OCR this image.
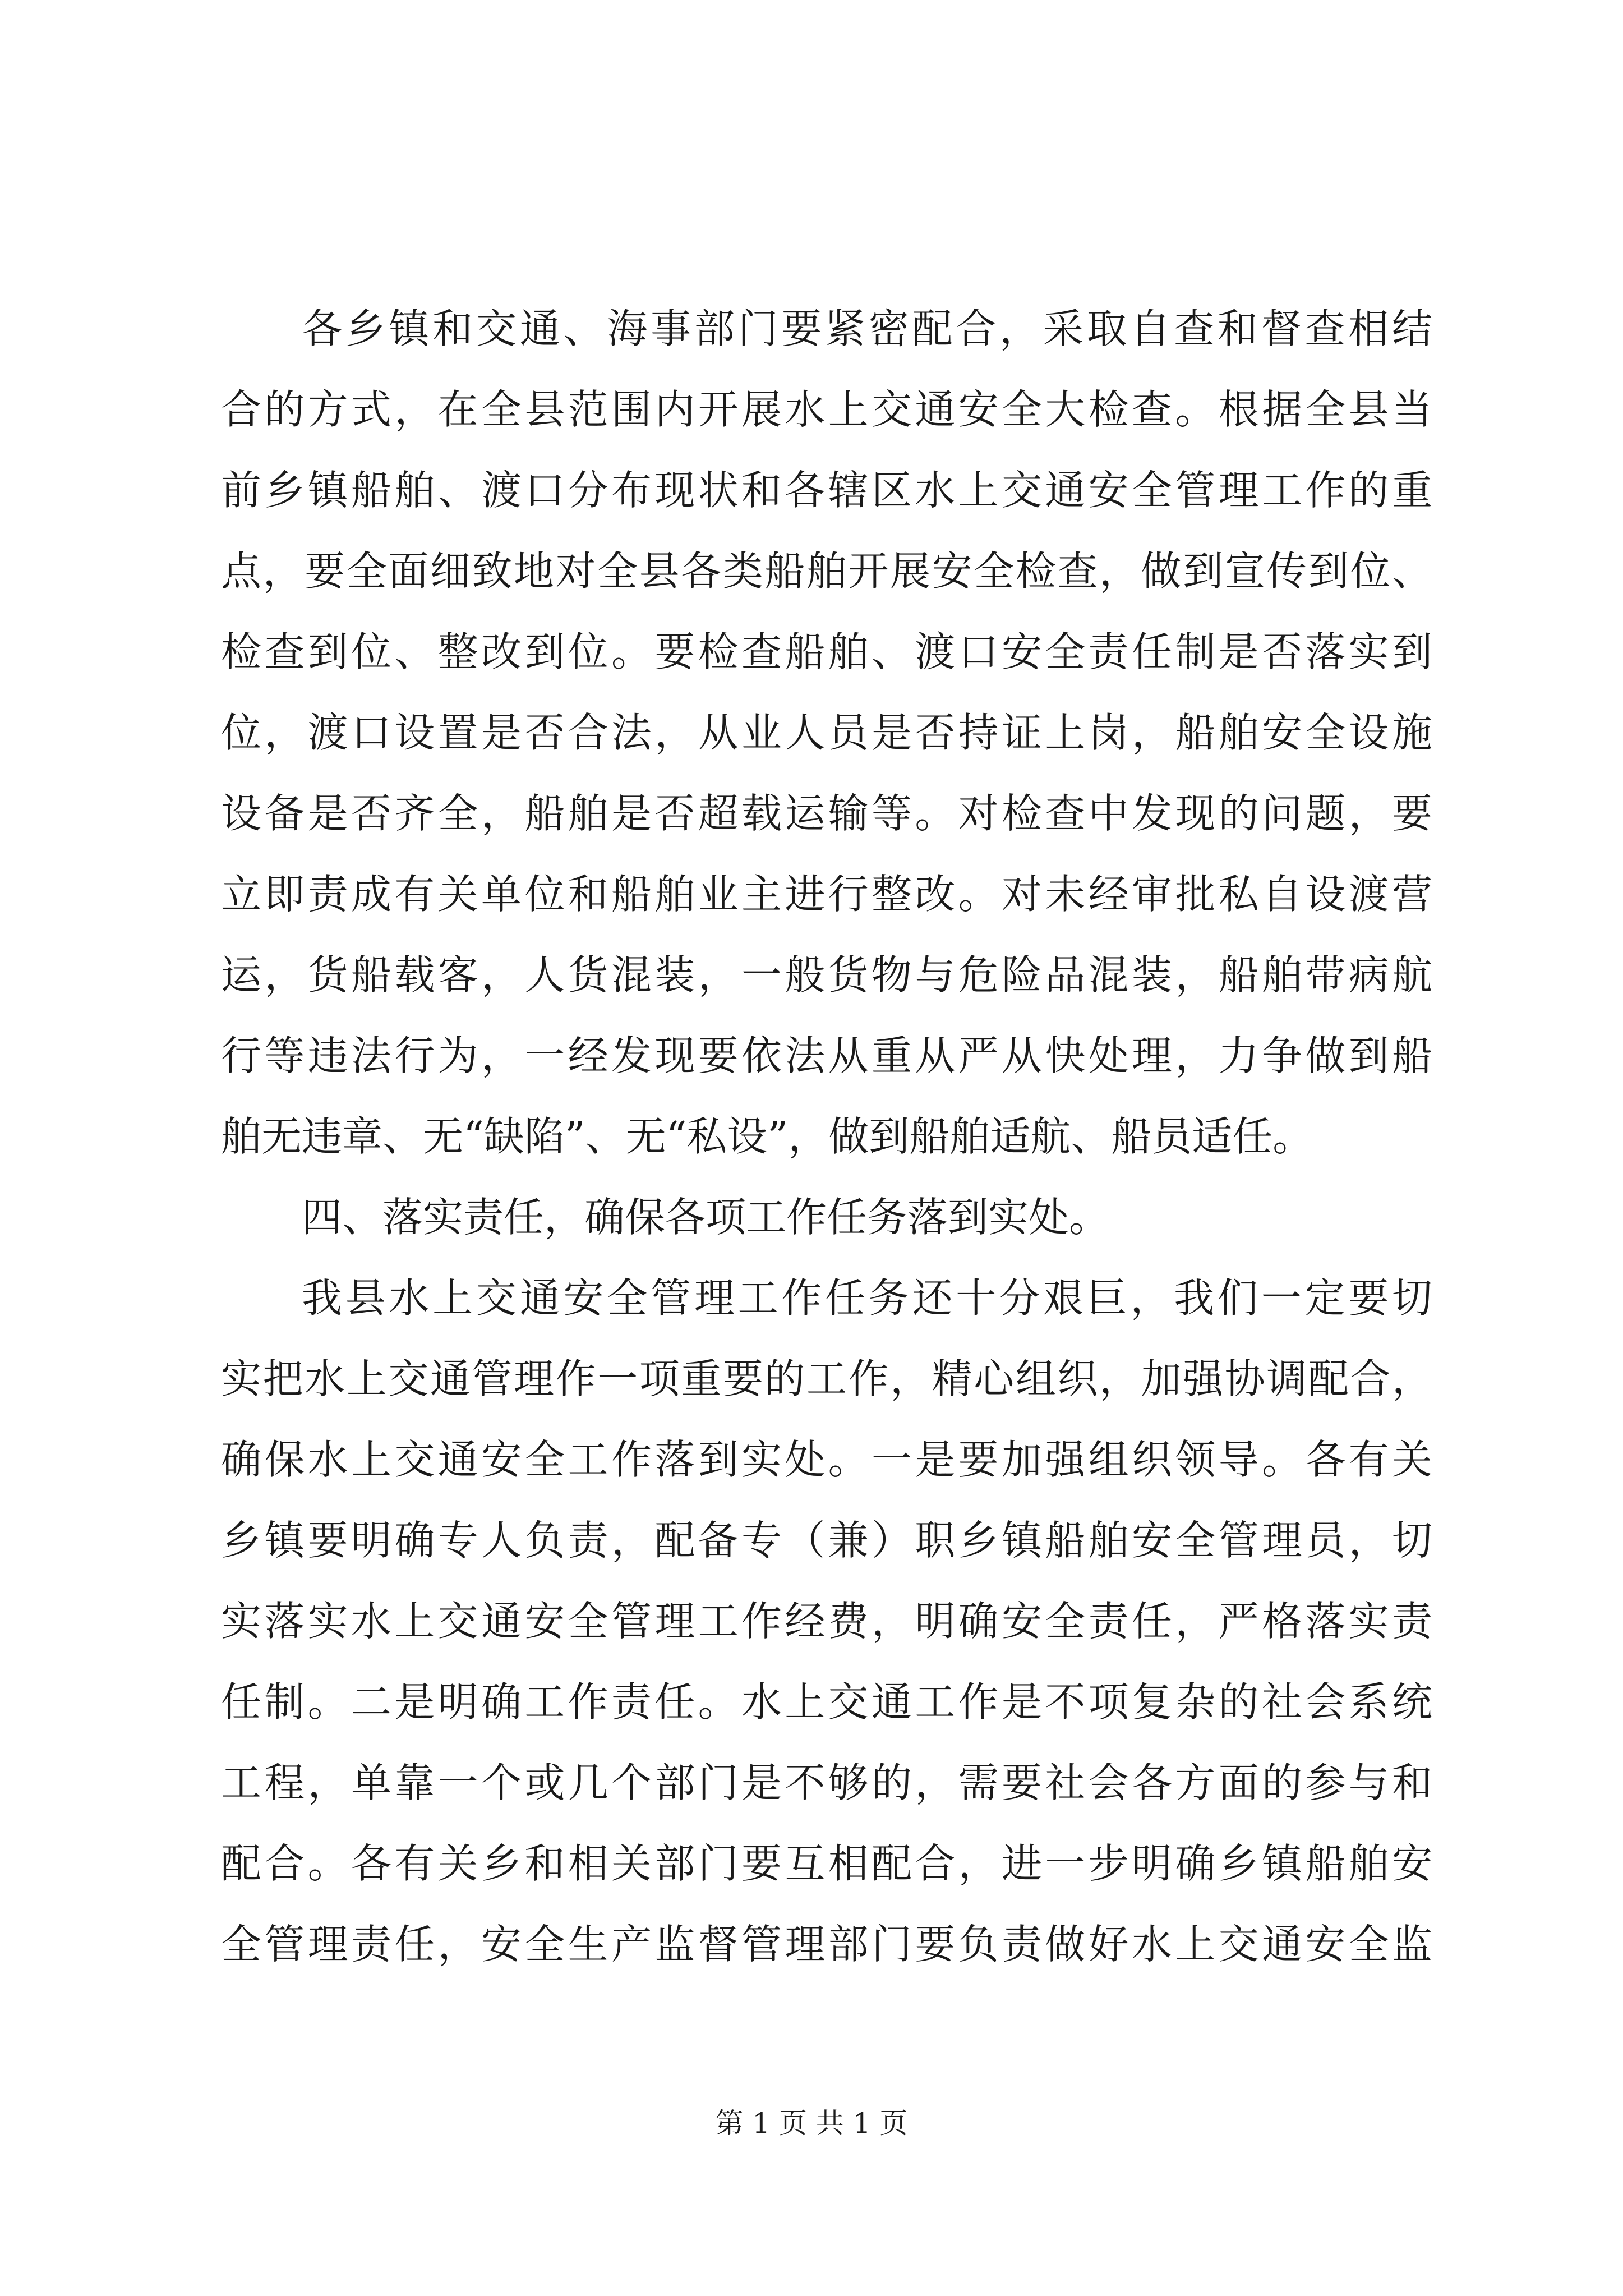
各乡镇和交通、海事部门要紧密配合，采取自查和督查相结
合的方式，在全县范围内开展水上交通安全大检查。根据全县当
前乡镇船舶、渡口分布现状和各辖区水上交通安全管理工作的重
点，要全面细致地对全县各类船舶开展安全检查，做到宣传到位、
检查到位、整改到位。要检查船舶、渡口安全责任制是否落实到
位，渡口设置是否合法，从业人员是否持证上岗，船舶安全设施
设备是否齐全，船舶是否超载运输等。对检查中发现的问题，要
立即责成有关单位和船舶业主进行整改。对未经审批私自设渡营
运，货船载客，人货混装，一般货物与危险品混装，船舶带病航
行等违法行为，一经发现要依法从重从严从快处理，力争做到船
舶无违章、无“缺陷”、无“私设”，做到船舶适航、船员适任。
四、落实责任，确保各项工作任务落到实处。
我县水上交通安全管理工作任务还十分艰巨，我们一定要切
实把水上交通管理作一项重要的工作，精心组织，加强协调配合，
确保水上交通安全工作落到实处。一是要加强组织领导。各有关
乡镇要明确专人负责，配备专（兼）职乡镇船舶安全管理员，切
实落实水上交通安全管理工作经费，明确安全责任，严格落实责
任制。二是明确工作责任。水上交通工作是不项复杂的社会系统
工程，单靠一个或几个部门是不够的，需要社会各方面的参与和
配合。各有关乡和相关部门要互相配合，进一步明确乡镇船舶安
全管理责任，安全生产监督管理部门要负责做好水上交通安全监
第 1 页 共 1 页
